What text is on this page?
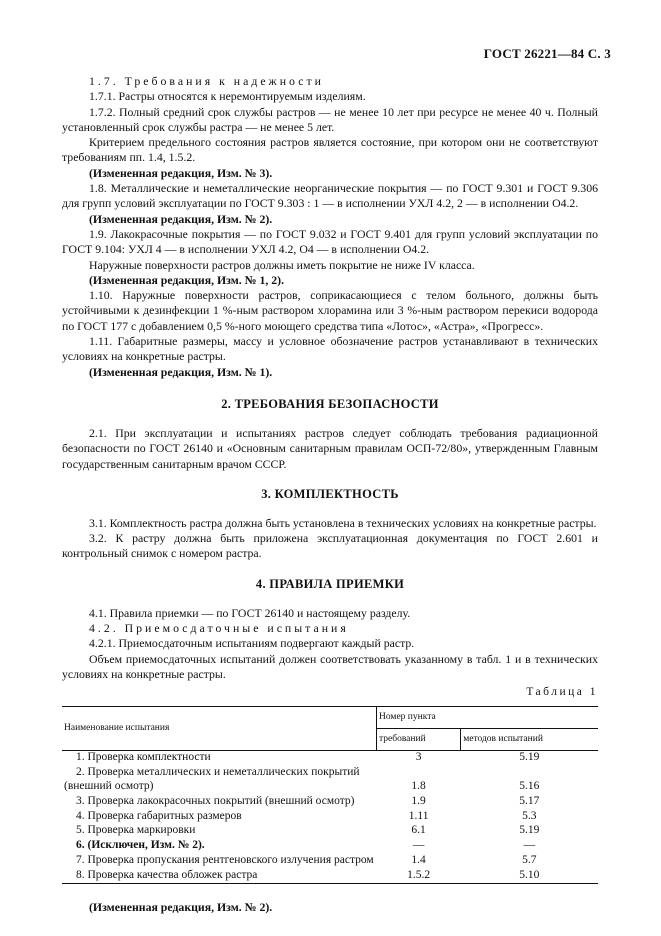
ГОСТ 26221—84 С. 3

1.7. Требования к надежности

1.7.1. Растры относятся к неремонтируемым изделиям.

1.7.2. Полный средний срок службы растров — не менее 10 лет при ресурсе не менее 40 ч. Полный установленный срок службы растра — не менее 5 лет.

Критерием предельного состояния растров является состояние, при котором они не соответствуют требованиям пп. 1.4, 1.5.2.

(Измененная редакция, Изм. № 3).

1.8. Металлические и неметаллические неорганические покрытия — по ГОСТ 9.301 и ГОСТ 9.306 для групп условий эксплуатации по ГОСТ 9.303 : 1 — в исполнении УХЛ 4.2, 2 — в исполнении О4.2.

(Измененная редакция, Изм. № 2).

1.9. Лакокрасочные покрытия — по ГОСТ 9.032 и ГОСТ 9.401 для групп условий эксплуатации по ГОСТ 9.104: УХЛ 4 — в исполнении УХЛ 4.2, О4 — в исполнении О4.2.

Наружные поверхности растров должны иметь покрытие не ниже IV класса.

(Измененная редакция, Изм. № 1, 2).

1.10. Наружные поверхности растров, соприкасающиеся с телом больного, должны быть устойчивыми к дезинфекции 1 %-ным раствором хлорамина или 3 %-ным раствором перекиси водорода по ГОСТ 177 с добавлением 0,5 %-ного моющего средства типа «Лотос», «Астра», «Прогресс».

1.11. Габаритные размеры, массу и условное обозначение растров устанавливают в технических условиях на конкретные растры.

(Измененная редакция, Изм. № 1).

2. ТРЕБОВАНИЯ БЕЗОПАСНОСТИ

2.1. При эксплуатации и испытаниях растров следует соблюдать требования радиационной безопасности по ГОСТ 26140 и «Основным санитарным правилам ОСП-72/80», утвержденным Главным государственным санитарным врачом СССР.

3. КОМПЛЕКТНОСТЬ

3.1. Комплектность растра должна быть установлена в технических условиях на конкретные растры.

3.2. К растру должна быть приложена эксплуатационная документация по ГОСТ 2.601 и контрольный снимок с номером растра.

4. ПРАВИЛА ПРИЕМКИ

4.1. Правила приемки — по ГОСТ 26140 и настоящему разделу.

4.2. Приемосдаточные испытания

4.2.1. Приемосдаточным испытаниям подвергают каждый растр.

Объем приемосдаточных испытаний должен соответствовать указанному в табл. 1 и в технических условиях на конкретные растры.

Таблица 1

Наименование испытания	Номер пункта	
	требований	методов испытаний
1. Проверка комплектности	3	5.19
2. Проверка металлических и неметаллических покрытий		
(внешний осмотр)	1.8	5.16
3. Проверка лакокрасочных покрытий (внешний осмотр)	1.9	5.17
4. Проверка габаритных размеров	1.11	5.3
5. Проверка маркировки	6.1	5.19
6. (Исключен, Изм. № 2).	—	—
7. Проверка пропускания рентгеновского излучения растром	1.4	5.7
8. Проверка качества обложек растра	1.5.2	5.10

(Измененная редакция, Изм. № 2).
